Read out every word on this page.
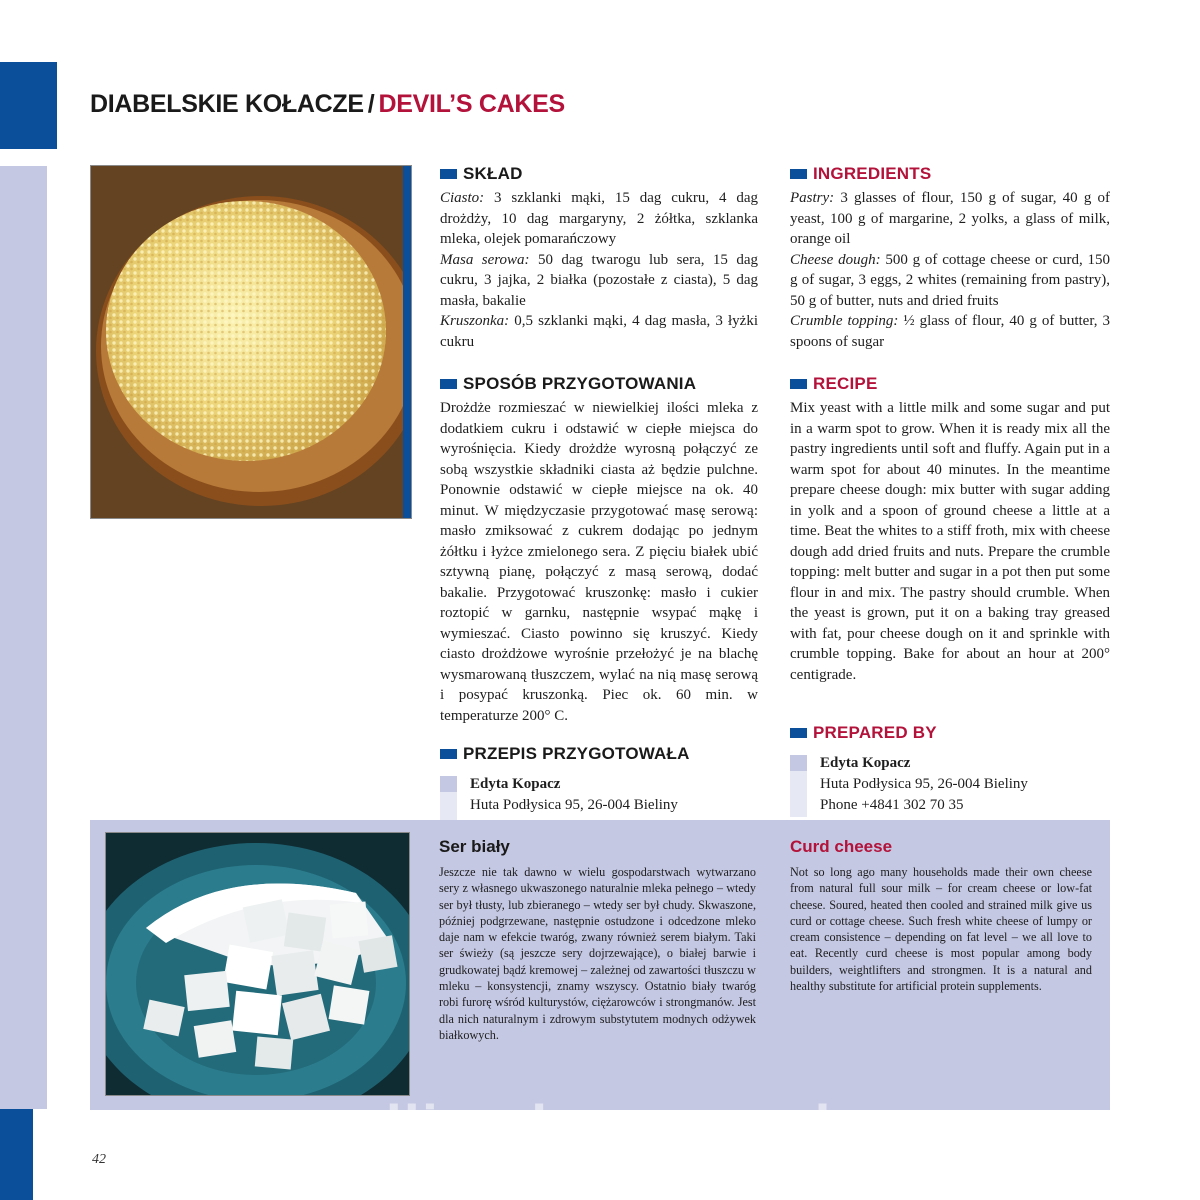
DIABELSKIE KOŁACZE / DEVIL’S CAKES
SKŁAD

Ciasto: 3 szklanki mąki, 15 dag cukru, 4 dag drożdży, 10 dag margaryny, 2 żółtka, szklanka mleka, olejek pomarańczowy
Masa serowa: 50 dag twarogu lub sera, 15 dag cukru, 3 jajka, 2 białka (pozostałe z ciasta), 5 dag masła, bakalie
Kruszonka: 0,5 szklanki mąki, 4 dag masła, 3 łyżki cukru

SPOSÓB PRZYGOTOWANIA

Drożdże rozmieszać w niewielkiej ilości mleka z dodatkiem cukru i odstawić w ciepłe miejsca do wyrośnięcia. Kiedy drożdże wyrosną połączyć ze sobą wszystkie składniki ciasta aż będzie pulchne. Ponownie odstawić w ciepłe miejsce na ok. 40 minut. W międzyczasie przygotować masę serową: masło zmiksować z cukrem dodając po jednym żółtku i łyżce zmielonego sera. Z pięciu białek ubić sztywną pianę, połączyć z masą serową, dodać bakalie. Przygotować kruszonkę: masło i cukier roztopić w garnku, następnie wsypać mąkę i wymieszać. Ciasto powinno się kruszyć. Kiedy ciasto drożdżowe wyrośnie przełożyć je na blachę wysmarowaną tłuszczem, wylać na nią masę serową i posypać kruszonką. Piec ok. 60 min. w temperaturze 200° C.

PRZEPIS PRZYGOTOWAŁA
Edyta Kopacz
Huta Podłysica 95, 26-004 Bieliny
INGREDIENTS

Pastry: 3 glasses of flour, 150 g of sugar, 40 g of yeast, 100 g of margarine, 2 yolks, a glass of milk, orange oil
Cheese dough: 500 g of cottage cheese or curd, 150 g of sugar, 3 eggs, 2 whites (remaining from pastry), 50 g of butter, nuts and dried fruits
Crumble topping: ½ glass of flour, 40 g of butter, 3 spoons of sugar

RECIPE

Mix yeast with a little milk and some sugar and put in a warm spot to grow. When it is ready mix all the pastry ingredients until soft and fluffy. Again put in a warm spot for about 40 minutes. In the meantime prepare cheese dough: mix butter with sugar adding in yolk and a spoon of ground cheese a little at a time. Beat the whites to a stiff froth, mix with cheese dough add dried fruits and nuts. Prepare the crumble topping: melt butter and sugar in a pot then put some flour in and mix. The pastry should crumble. When the yeast is grown, put it on a baking tray greased with fat, pour cheese dough on it and sprinkle with crumble topping. Bake for about an hour at 200° centigrade.

PREPARED BY
Edyta Kopacz
Huta Podłysica 95, 26-004 Bieliny
Phone +4841 302 70 35
Ser biały

Jeszcze nie tak dawno w wielu gospodarstwach wytwarzano sery z własnego ukwaszonego naturalnie mleka pełnego – wtedy ser był tłusty, lub zbieranego – wtedy ser był chudy. Skwaszone, później podgrzewane, następnie ostudzone i odcedzone mleko daje nam w efekcie twaróg, zwany również serem białym. Taki ser świeży (są jeszcze sery dojrzewające), o białej barwie i grudkowatej bądź kremowej – zależnej od zawartości tłuszczu w mleku – konsystencji, znamy wszyscy. Ostatnio biały twaróg robi furorę wśród kulturystów, ciężarowców i strongmanów. Jest dla nich naturalnym i zdrowym substytutem modnych odżywek białkowych.

Curd cheese

Not so long ago many households made their own cheese from natural full sour milk – for cream cheese or low-fat cheese. Soured, heated then cooled and strained milk give us curd or cottage cheese. Such fresh white cheese of lumpy or cream consistence – depending on fat level – we all love to eat. Recently curd cheese is most popular among body builders, weightlifters and strongmen. It is a natural and healthy substitute for artificial protein supplements.

wedlinydomowe.pl
42
